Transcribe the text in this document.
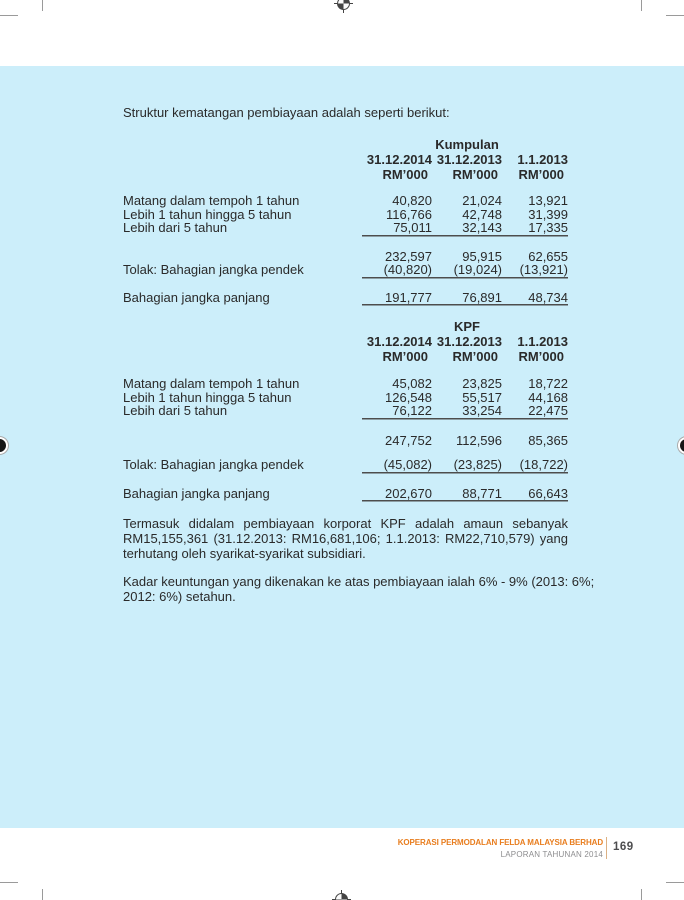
Struktur kematangan pembiayaan adalah seperti berikut:
Kumpulan
31.12.2014 31.12.2013	1.1.2013
RM’000	RM’000	RM’000
Matang dalam tempoh 1 tahun	40,820	21,024	13,921
Lebih 1 tahun hingga 5 tahun	116,766	42,748	31,399
Lebih dari 5 tahun	75,011	32,143	17,335
232,597	95,915	62,655
Tolak: Bahagian jangka pendek	(40,820)	(19,024)	(13,921)
Bahagian jangka panjang	191,777	76,891	48,734
KPF
31.12.2014 31.12.2013	1.1.2013
RM’000	RM’000	RM’000
Matang dalam tempoh 1 tahun	45,082	23,825	18,722
Lebih 1 tahun hingga 5 tahun	126,548	55,517	44,168
Lebih dari 5 tahun	76,122	33,254	22,475
247,752	112,596	85,365
Tolak: Bahagian jangka pendek	(45,082)	(23,825)	(18,722)
Bahagian jangka panjang	202,670	88,771	66,643
Termasuk didalam pembiayaan korporat KPF adalah amaun sebanyak
RM15,155,361 (31.12.2013: RM16,681,106; 1.1.2013: RM22,710,579) yang
terhutang oleh syarikat-syarikat subsidiari.
Kadar keuntungan yang dikenakan ke atas pembiayaan ialah 6% - 9% (2013: 6%;
2012: 6%) setahun.
KOPERASI PERMODALAN FELDA MALAYSIA BERHAD
LAPORAN TAHUNAN 2014
169
